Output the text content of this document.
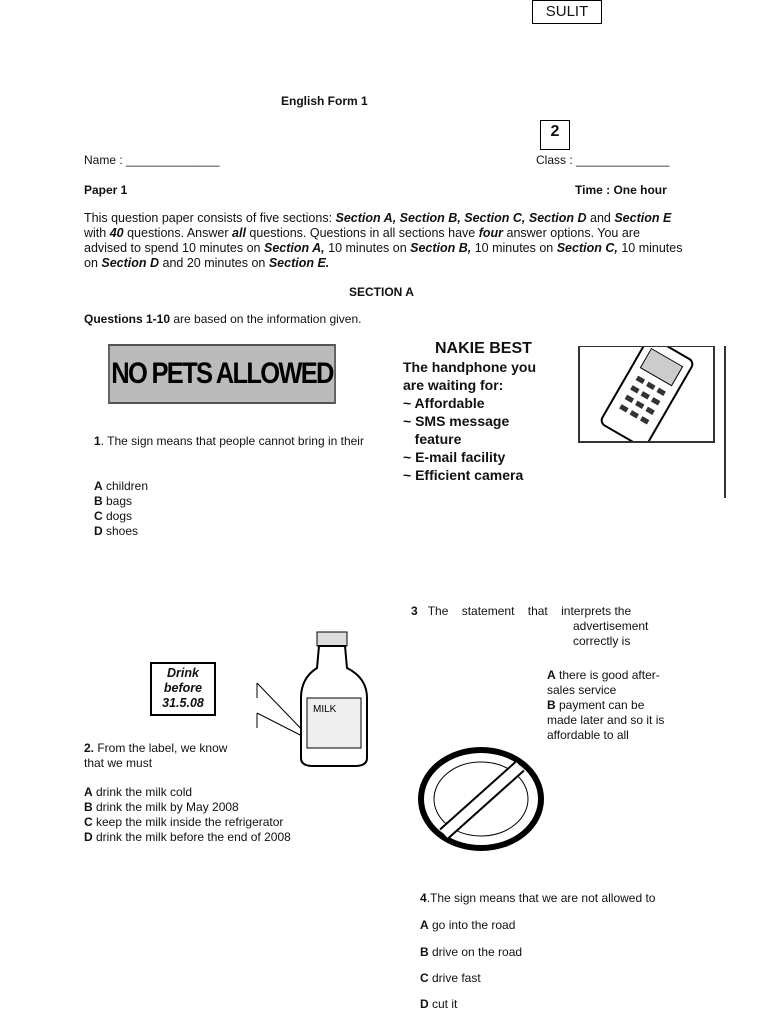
SULIT
English Form 1
2
Name : ______________	Class : ______________
Paper 1	Time : One hour
This question paper consists of five sections: Section A, Section B, Section C, Section D and Section E with 40 questions. Answer all questions. Questions in all sections have four answer options. You are advised to spend 10 minutes on Section A, 10 minutes on Section B, 10 minutes on Section C, 10 minutes on Section D and 20 minutes on Section E.
SECTION A
Questions 1-10 are based on the information given.
NO PETS ALLOWED
NAKIE BEST
The handphone you
are waiting for:
~ Affordable
~ SMS message
feature
~ E-mail facility
~ Efficient camera
1. The sign means that people cannot bring in their
A children
B bags
C dogs
D shoes
Drink
before
31.5.08	MILK
2. From the label, we know that we must
A drink the milk cold
B drink the milk by May 2008
C keep the milk inside the refrigerator
D drink the milk before the end of 2008
3 The    statement    that    interprets the
advertisement
correctly is
A there is good after-sales service
B payment can be made later and so it is affordable to all
4.The sign means that we are not allowed to
A go into the road
B drive on the road
C drive fast
D cut it
